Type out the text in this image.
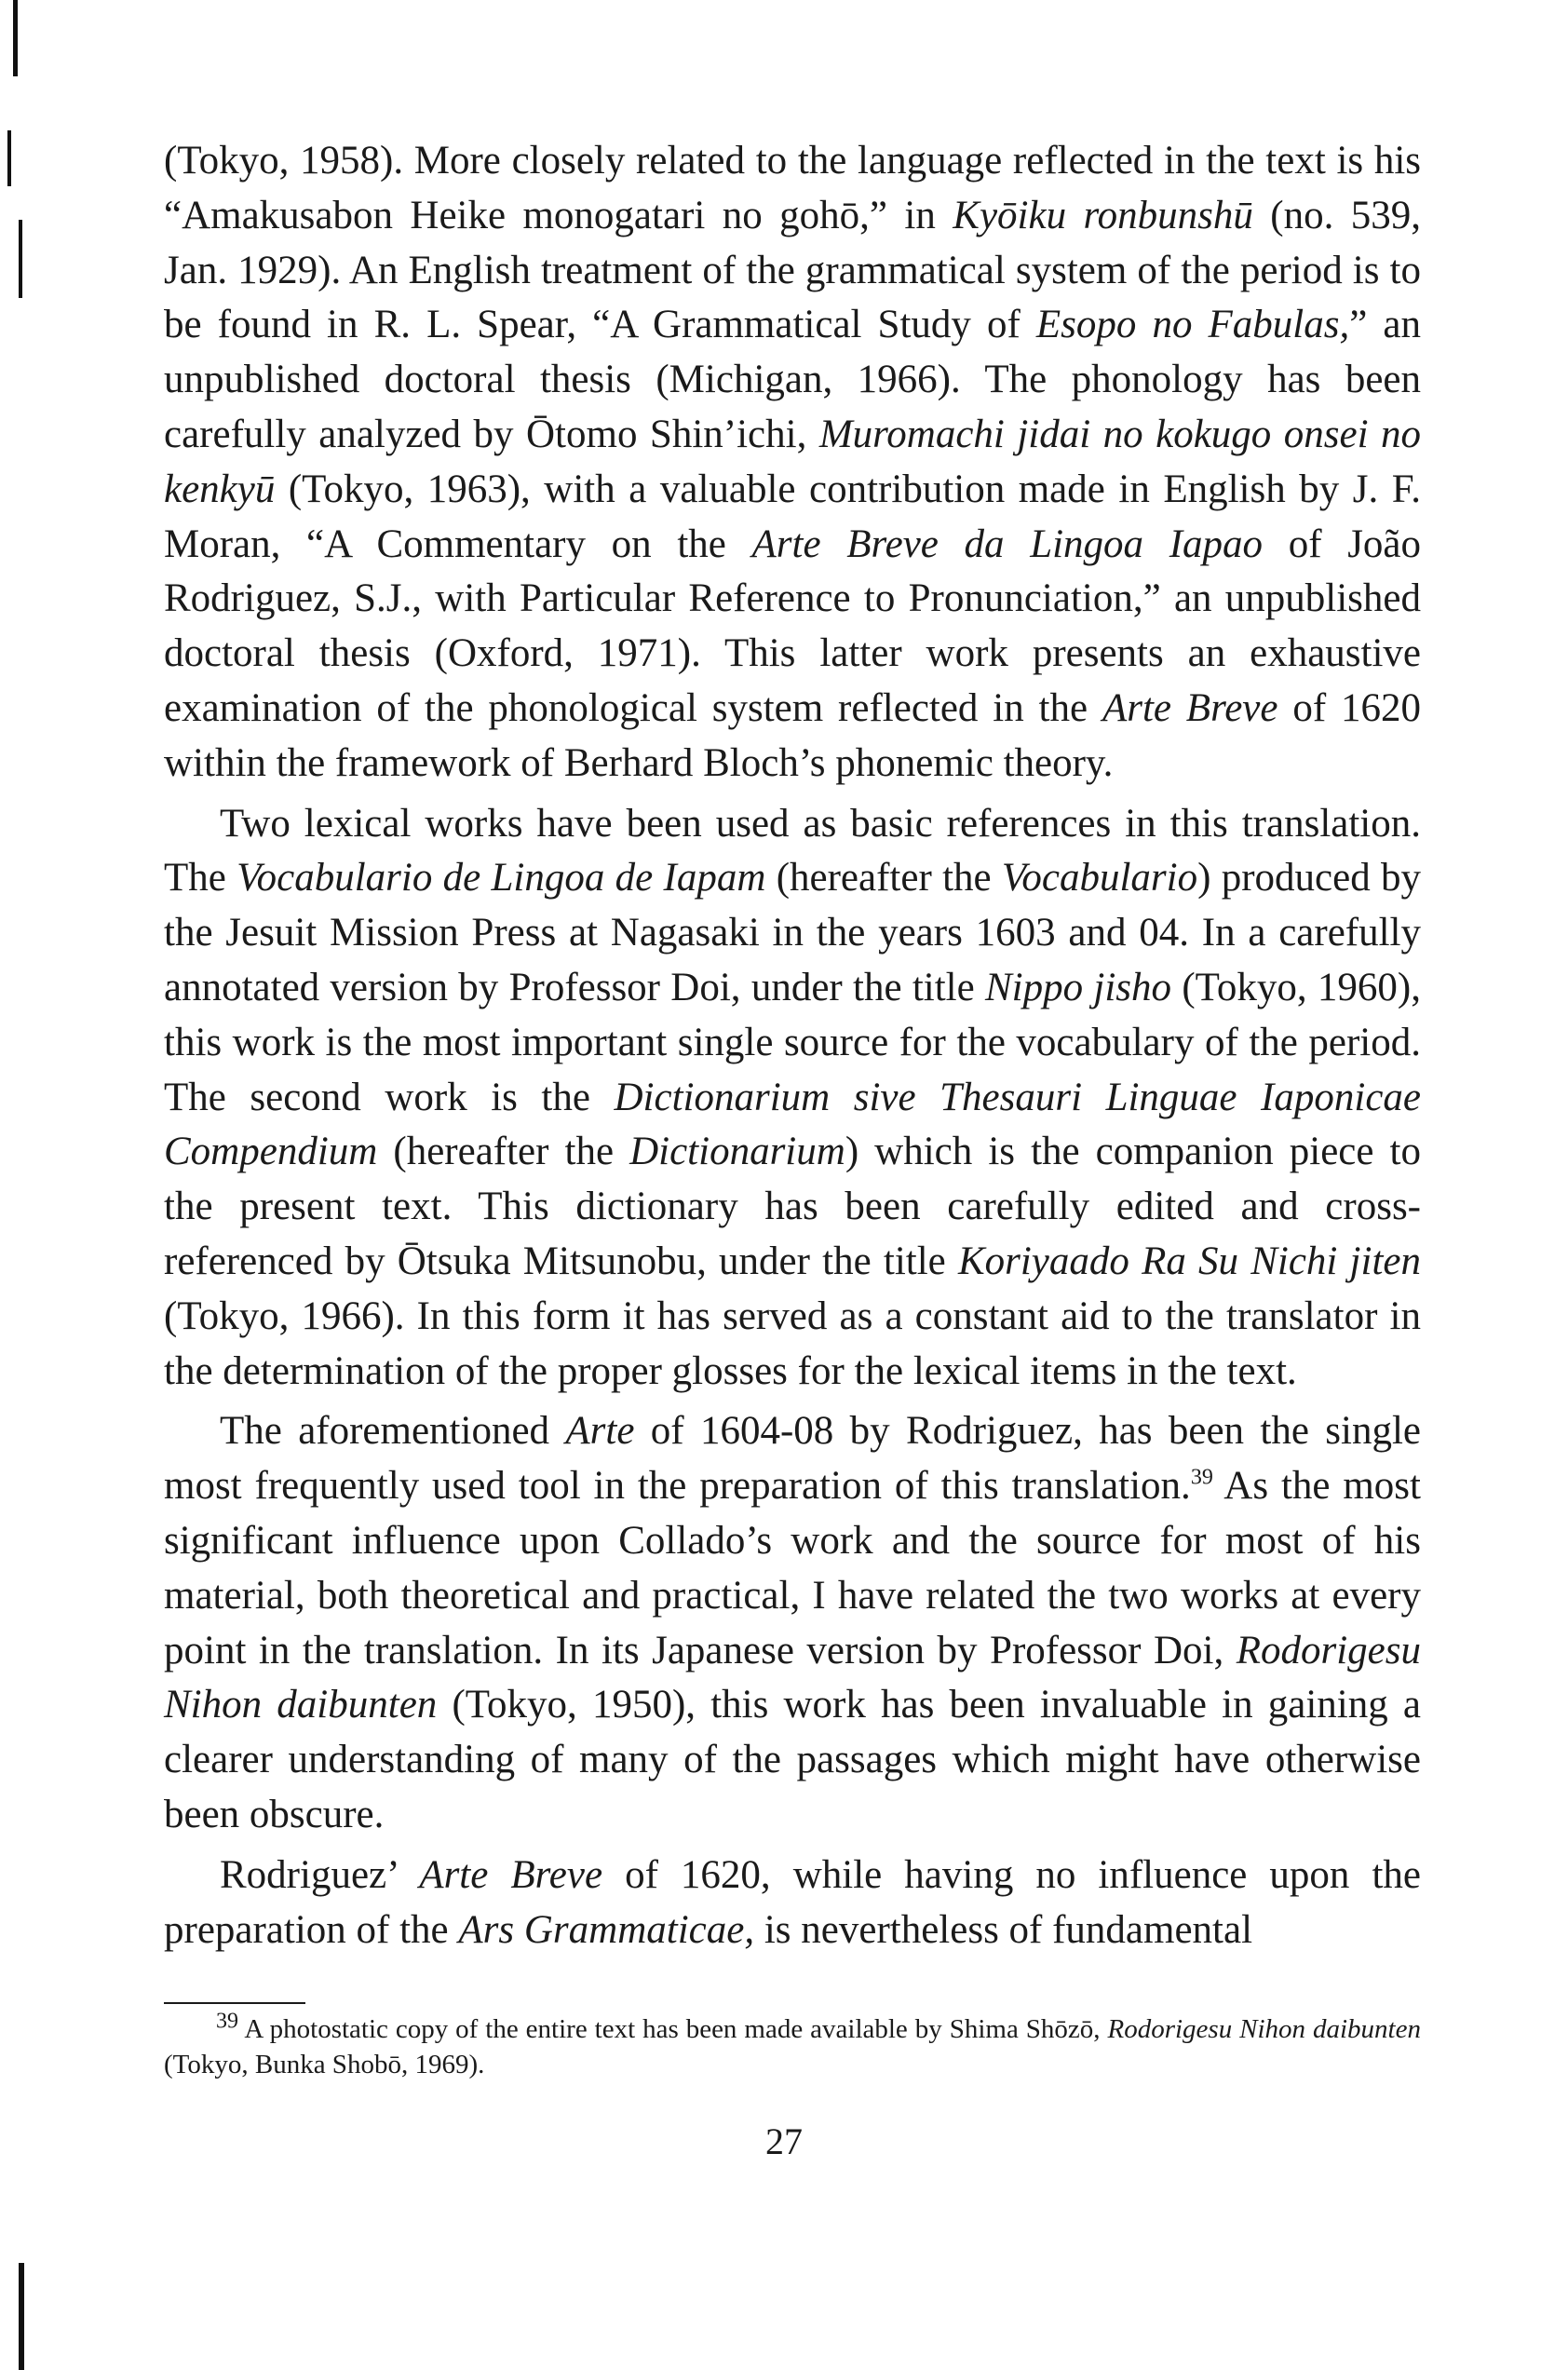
(Tokyo, 1958). More closely related to the language reflected in the text is his “Amakusabon Heike monogatari no gohō,” in Kyōiku ronbunshū (no. 539, Jan. 1929). An English treatment of the grammatical system of the period is to be found in R. L. Spear, “A Grammatical Study of Esopo no Fabulas,” an unpublished doctoral thesis (Michigan, 1966). The phonology has been carefully analyzed by Ōtomo Shin’ichi, Muromachi jidai no kokugo onsei no kenkyū (Tokyo, 1963), with a valuable contribution made in English by J. F. Moran, “A Commentary on the Arte Breve da Lingoa Iapao of João Rodriguez, S.J., with Particular Reference to Pronunciation,” an unpublished doctoral thesis (Oxford, 1971). This latter work presents an exhaustive examination of the phonological system reflected in the Arte Breve of 1620 within the framework of Berhard Bloch’s phonemic theory.

Two lexical works have been used as basic references in this translation. The Vocabulario de Lingoa de Iapam (hereafter the Vocabulario) produced by the Jesuit Mission Press at Nagasaki in the years 1603 and 04. In a carefully annotated version by Professor Doi, under the title Nippo jisho (Tokyo, 1960), this work is the most important single source for the vocabulary of the period. The second work is the Dictionarium sive Thesauri Linguae Iaponicae Compendium (hereafter the Dictionarium) which is the companion piece to the present text. This dictionary has been carefully edited and cross-referenced by Ōtsuka Mitsunobu, under the title Koriyaado Ra Su Nichi jiten (Tokyo, 1966). In this form it has served as a constant aid to the translator in the determination of the proper glosses for the lexical items in the text.

The aforementioned Arte of 1604-08 by Rodriguez, has been the single most frequently used tool in the preparation of this translation.$^{39}$ As the most significant influence upon Collado’s work and the source for most of his material, both theoretical and practical, I have related the two works at every point in the translation. In its Japanese version by Professor Doi, Rodorigesu Nihon daibunten (Tokyo, 1950), this work has been invaluable in gaining a clearer understanding of many of the passages which might have otherwise been obscure.

Rodriguez’ Arte Breve of 1620, while having no influence upon the preparation of the Ars Grammaticae, is nevertheless of fundamental

$^{39}$ A photostatic copy of the entire text has been made available by Shima Shōzō, Rodorigesu Nihon daibunten (Tokyo, Bunka Shobō, 1969).
27
